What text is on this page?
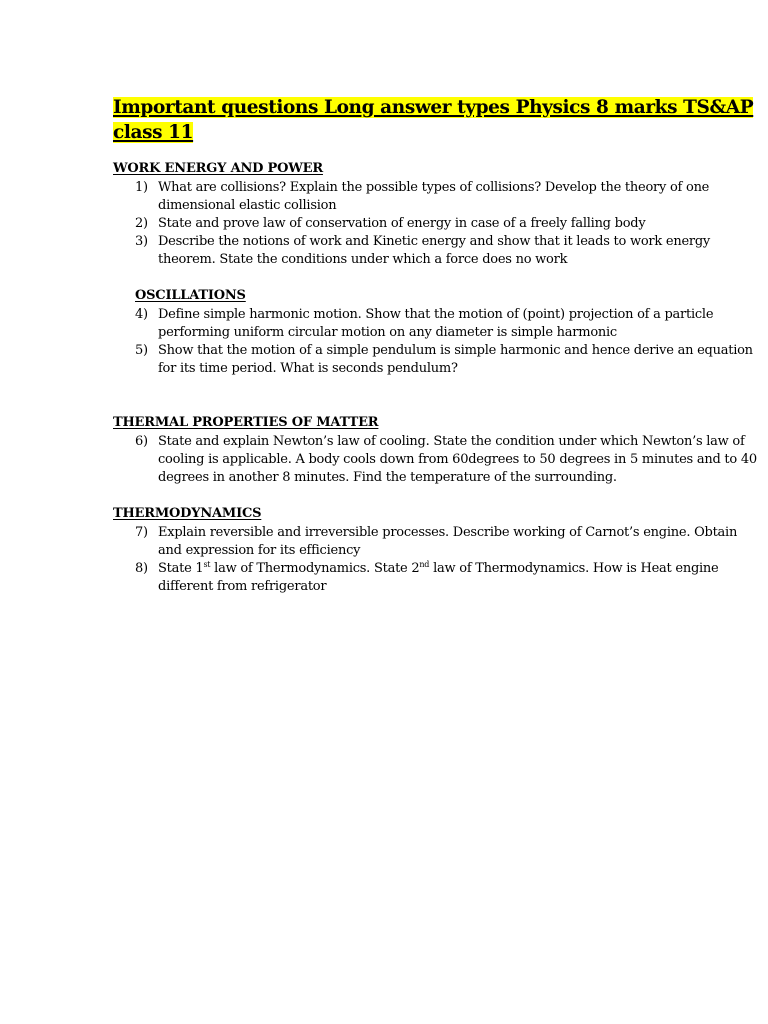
Important questions Long answer types Physics 8 marks TS&AP class 11
WORK ENERGY AND POWER
1) What are collisions? Explain the possible types of collisions? Develop the theory of one dimensional elastic collision
2) State and prove law of conservation of energy in case of a freely falling body
3) Describe the notions of work and Kinetic energy and show that it leads to work energy theorem. State the conditions under which a force does no work
OSCILLATIONS
4) Define simple harmonic motion. Show that the motion of (point) projection of a particle performing uniform circular motion on any diameter is simple harmonic
5) Show that the motion of a simple pendulum is simple harmonic and hence derive an equation for its time period. What is seconds pendulum?
THERMAL PROPERTIES OF MATTER
6) State and explain Newton’s law of cooling. State the condition under which Newton’s law of cooling is applicable. A body cools down from 60degrees to 50 degrees in 5 minutes and to 40 degrees in another 8 minutes. Find the temperature of the surrounding.
THERMODYNAMICS
7) Explain reversible and irreversible processes. Describe working of Carnot’s engine. Obtain and expression for its efficiency
8) State 1st law of Thermodynamics. State 2nd law of Thermodynamics. How is Heat engine different from refrigerator
